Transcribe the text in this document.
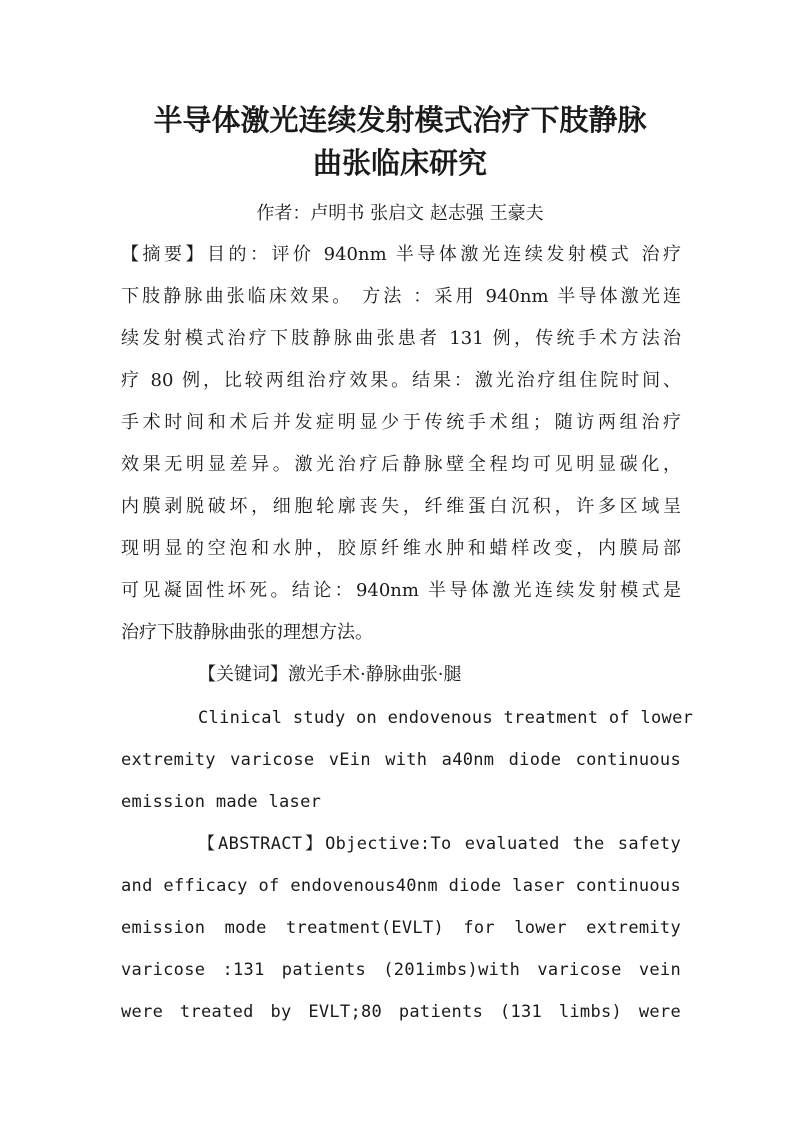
半导体激光连续发射模式治疗下肢静脉
曲张临床研究

作者：卢明书 张启文 赵志强 王豪夫

【摘要】目的：评价 940nm 半导体激光连续发射模式 治疗

下肢静脉曲张临床效果。 方法 ：采用 940nm 半导体激光连

续发射模式治疗下肢静脉曲张患者 131 例，传统手术方法治

疗 80 例，比较两组治疗效果。结果：激光治疗组住院时间、

手术时间和术后并发症明显少于传统手术组；随访两组治疗

效果无明显差异。激光治疗后静脉壁全程均可见明显碳化，

内膜剥脱破坏，细胞轮廓丧失，纤维蛋白沉积，许多区域呈

现明显的空泡和水肿，胶原纤维水肿和蜡样改变，内膜局部

可见凝固性坏死。结论：940nm 半导体激光连续发射模式是

治疗下肢静脉曲张的理想方法。

【关键词】激光手术·静脉曲张·腿

Clinical study on endovenous treatment of lower

extremity varicose vEin with a40nm diode continuous

emission made laser

【ABSTRACT】Objective:To evaluated the safety

and efficacy of endovenous40nm diode laser continuous

emission mode treatment(EVLT) for lower extremity

varicose :131 patients (201imbs)with varicose vein

were treated by EVLT;80 patients (131 limbs) were
